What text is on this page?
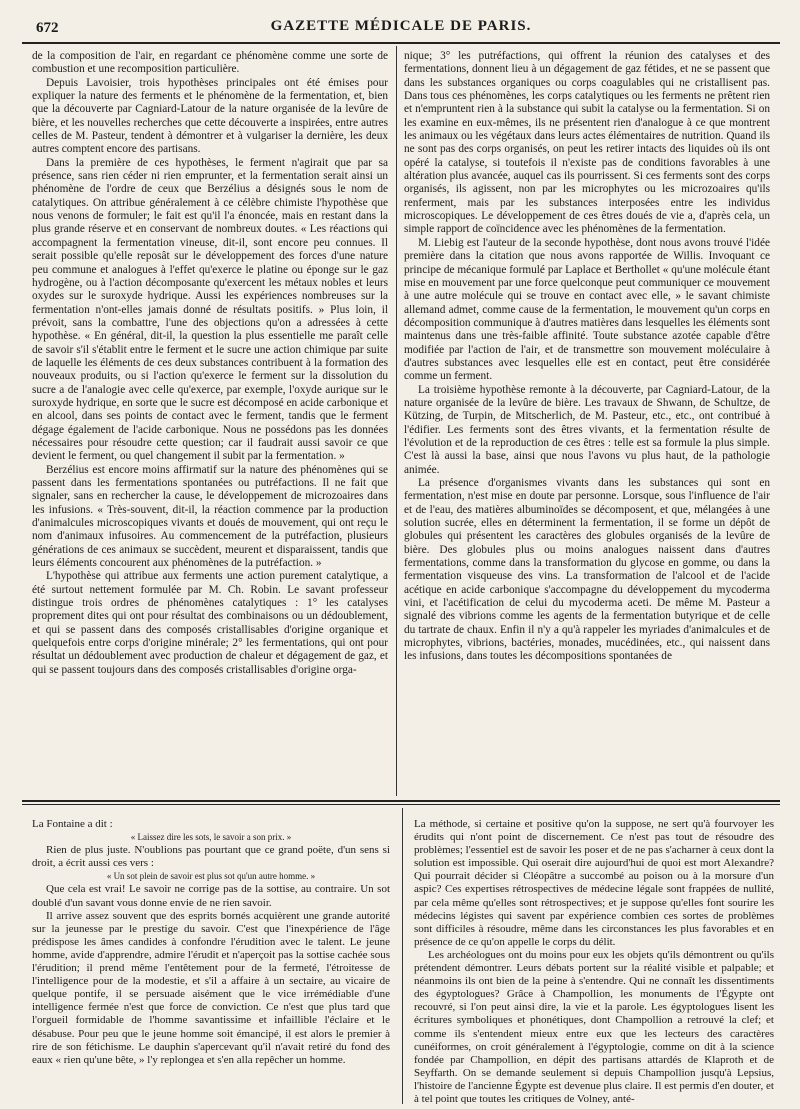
GAZETTE MÉDICALE DE PARIS.
672

de la composition de l'air, en regardant ce phénomène comme une sorte de combustion et une recomposition particulière.

Depuis Lavoisier, trois hypothèses principales ont été émises pour expliquer la nature des ferments et le phénomène de la fermentation, et, bien que la découverte par Cagniard-Latour de la nature organisée de la levûre de bière, et les nouvelles recherches que cette découverte a inspirées, entre autres celles de M. Pasteur, tendent à démontrer et à vulgariser la dernière, les deux autres comptent encore des partisans.

Dans la première de ces hypothèses, le ferment n'agirait que par sa présence, sans rien céder ni rien emprunter, et la fermentation serait ainsi un phénomène de l'ordre de ceux que Berzélius a désignés sous le nom de catalytiques. On attribue généralement à ce célèbre chimiste l'hypothèse que nous venons de formuler; le fait est qu'il l'a énoncée, mais en restant dans la plus grande réserve et en conservant de nombreux doutes. « Les réactions qui accompagnent la fermentation vineuse, dit-il, sont encore peu connues. Il serait possible qu'elle reposât sur le développement des forces d'une nature peu commune et analogues à l'effet qu'exerce le platine ou éponge sur le gaz hydrogène, ou à l'action décomposante qu'exercent les métaux nobles et leurs oxydes sur le suroxyde hydrique. Aussi les expériences nombreuses sur la fermentation n'ont-elles jamais donné de résultats positifs. » Plus loin, il prévoit, sans la combattre, l'une des objections qu'on a adressées à cette hypothèse. « En général, dit-il, la question la plus essentielle me paraît celle de savoir s'il s'établit entre le ferment et le sucre une action chimique par suite de laquelle les éléments de ces deux substances contribuent à la formation des nouveaux produits, ou si l'action qu'exerce le ferment sur la dissolution du sucre a de l'analogie avec celle qu'exerce, par exemple, l'oxyde aurique sur le suroxyde hydrique, en sorte que le sucre est décomposé en acide carbonique et en alcool, dans ses points de contact avec le ferment, tandis que le ferment dégage également de l'acide carbonique. Nous ne possédons pas les données nécessaires pour résoudre cette question; car il faudrait aussi savoir ce que devient le ferment, ou quel changement il subit par la fermentation. »

Berzélius est encore moins affirmatif sur la nature des phénomènes qui se passent dans les fermentations spontanées ou putréfactions. Il ne fait que signaler, sans en rechercher la cause, le développement de microzoaires dans les infusions. « Très-souvent, dit-il, la réaction commence par la production d'animalcules microscopiques vivants et doués de mouvement, qui ont reçu le nom d'animaux infusoires. Au commencement de la putréfaction, plusieurs générations de ces animaux se succèdent, meurent et disparaissent, tandis que leurs éléments concourent aux phénomènes de la putréfaction. »

L'hypothèse qui attribue aux ferments une action purement catalytique, a été surtout nettement formulée par M. Ch. Robin. Le savant professeur distingue trois ordres de phénomènes catalytiques : 1° les catalyses proprement dites qui ont pour résultat des combinaisons ou un dédoublement, et qui se passent dans des composés cristallisables d'origine organique et quelquefois entre corps d'origine minérale; 2° les fermentations, qui ont pour résultat un dédoublement avec production de chaleur et dégagement de gaz, et qui se passent toujours dans des composés cristallisables d'origine orga-

nique; 3° les putréfactions, qui offrent la réunion des catalyses et des fermentations, donnent lieu à un dégagement de gaz fétides, et ne se passent que dans les substances organiques ou corps coagulables qui ne cristallisent pas. Dans tous ces phénomènes, les corps catalytiques ou les ferments ne prêtent rien et n'empruntent rien à la substance qui subit la catalyse ou la fermentation. Si on les examine en eux-mêmes, ils ne présentent rien d'analogue à ce que montrent les animaux ou les végétaux dans leurs actes élémentaires de nutrition. Quand ils ne sont pas des corps organisés, on peut les retirer intacts des liquides où ils ont opéré la catalyse, si toutefois il n'existe pas de conditions favorables à une altération plus avancée, auquel cas ils pourrissent. Si ces ferments sont des corps organisés, ils agissent, non par les microphytes ou les microzoaires qu'ils renferment, mais par les substances interposées entre les individus microscopiques. Le développement de ces êtres doués de vie a, d'après cela, un simple rapport de coïncidence avec les phénomènes de la fermentation.

M. Liebig est l'auteur de la seconde hypothèse, dont nous avons trouvé l'idée première dans la citation que nous avons rapportée de Willis. Invoquant ce principe de mécanique formulé par Laplace et Berthollet « qu'une molécule étant mise en mouvement par une force quelconque peut communiquer ce mouvement à une autre molécule qui se trouve en contact avec elle, » le savant chimiste allemand admet, comme cause de la fermentation, le mouvement qu'un corps en décomposition communique à d'autres matières dans lesquelles les éléments sont maintenus dans une très-faible affinité. Toute substance azotée capable d'être modifiée par l'action de l'air, et de transmettre son mouvement moléculaire à d'autres substances avec lesquelles elle est en contact, peut être considérée comme un ferment.

La troisième hypothèse remonte à la découverte, par Cagniard-Latour, de la nature organisée de la levûre de bière. Les travaux de Shwann, de Schultze, de Kützing, de Turpin, de Mitscherlich, de M. Pasteur, etc., etc., ont contribué à l'édifier. Les ferments sont des êtres vivants, et la fermentation résulte de l'évolution et de la reproduction de ces êtres : telle est sa formule la plus simple. C'est là aussi la base, ainsi que nous l'avons vu plus haut, de la pathologie animée.

La présence d'organismes vivants dans les substances qui sont en fermentation, n'est mise en doute par personne. Lorsque, sous l'influence de l'air et de l'eau, des matières albuminoïdes se décomposent, et que, mélangées à une solution sucrée, elles en déterminent la fermentation, il se forme un dépôt de globules qui présentent les caractères des globules organisés de la levûre de bière. Des globules plus ou moins analogues naissent dans d'autres fermentations, comme dans la transformation du glycose en gomme, ou dans la fermentation visqueuse des vins. La transformation de l'alcool et de l'acide acétique en acide carbonique s'accompagne du développement du mycoderma vini, et l'acétification de celui du mycoderma aceti. De même M. Pasteur a signalé des vibrions comme les agents de la fermentation butyrique et de celle du tartrate de chaux. Enfin il n'y a qu'à rappeler les myriades d'animalcules et de microphytes, vibrions, bactéries, monades, mucédinées, etc., qui naissent dans les infusions, dans toutes les décompositions spontanées de

La Fontaine a dit :

« Laissez dire les sots, le savoir a son prix. »

Rien de plus juste. N'oublions pas pourtant que ce grand poëte, d'un sens si droit, a écrit aussi ces vers :

« Un sot plein de savoir est plus sot qu'un autre homme. »

Que cela est vrai! Le savoir ne corrige pas de la sottise, au contraire. Un sot doublé d'un savant vous donne envie de ne rien savoir.

Il arrive assez souvent que des esprits bornés acquièrent une grande autorité sur la jeunesse par le prestige du savoir. C'est que l'inexpérience de l'âge prédispose les âmes candides à confondre l'érudition avec le talent. Le jeune homme, avide d'apprendre, admire l'érudit et n'aperçoit pas la sottise cachée sous l'érudition; il prend même l'entêtement pour de la fermeté, l'étroitesse de l'intelligence pour de la modestie, et s'il a affaire à un sectaire, au vicaire de quelque pontife, il se persuade aisément que le vice irrémédiable d'une intelligence fermée n'est que force de conviction. Ce n'est que plus tard que l'orgueil formidable de l'homme savantissime et infaillible l'éclaire et le désabuse. Pour peu que le jeune homme soit émancipé, il est alors le premier à rire de son fétichisme. Le dauphin s'apercevant qu'il n'avait retiré du fond des eaux « rien qu'une bête, » l'y replongea et s'en alla repêcher un homme.

La méthode, si certaine et positive qu'on la suppose, ne sert qu'à fourvoyer les érudits qui n'ont point de discernement. Ce n'est pas tout de résoudre des problèmes; l'essentiel est de savoir les poser et de ne pas s'acharner à ceux dont la solution est impossible. Qui oserait dire aujourd'hui de quoi est mort Alexandre? Qui pourrait décider si Cléopâtre a succombé au poison ou à la morsure d'un aspic? Ces expertises rétrospectives de médecine légale sont frappées de nullité, par cela même qu'elles sont rétrospectives; et je suppose qu'elles font sourire les médecins légistes qui savent par expérience combien ces sortes de problèmes sont difficiles à résoudre, même dans les circonstances les plus favorables et en présence de ce qu'on appelle le corps du délit.

Les archéologues ont du moins pour eux les objets qu'ils démontrent ou qu'ils prétendent démontrer. Leurs débats portent sur la réalité visible et palpable; et néanmoins ils ont bien de la peine à s'entendre. Qui ne connaît les dissentiments des égyptologues? Grâce à Champollion, les monuments de l'Égypte ont recouvré, si l'on peut ainsi dire, la vie et la parole. Les égyptologues lisent les écritures symboliques et phonétiques, dont Champollion a retrouvé la clef; et comme ils s'entendent mieux entre eux que les lecteurs des caractères cunéiformes, on croit généralement à l'égyptologie, comme on dit à la science fondée par Champollion, en dépit des partisans attardés de Klaproth et de Seyffarth. On se demande seulement si depuis Champollion jusqu'à Lepsius, l'histoire de l'ancienne Égypte est devenue plus claire. Il est permis d'en douter, et à tel point que toutes les critiques de Volney, anté-
